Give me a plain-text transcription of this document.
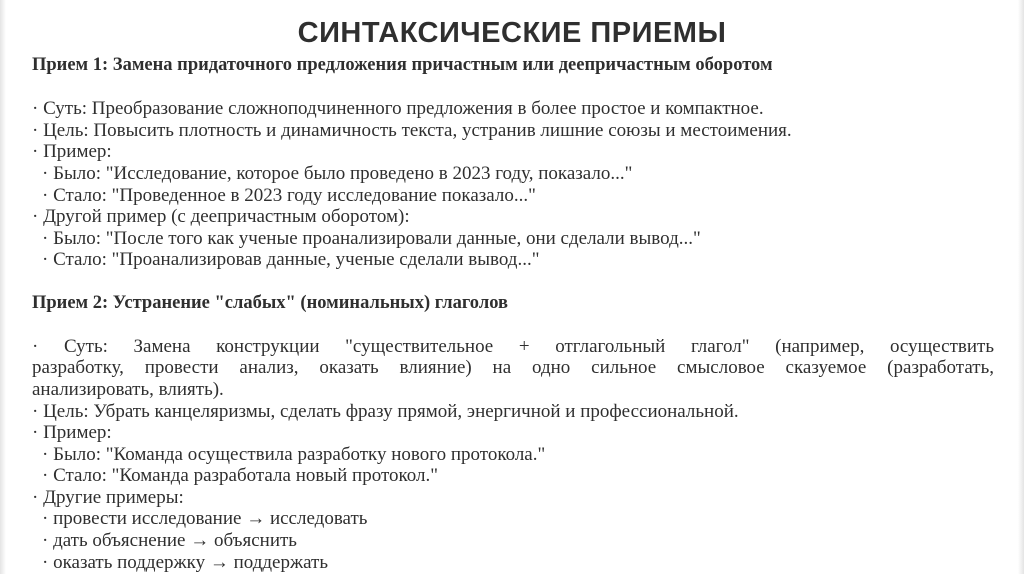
СИНТАКСИЧЕСКИЕ ПРИЕМЫ
Прием 1: Замена придаточного предложения причастным или деепричастным оборотом
· Суть: Преобразование сложноподчиненного предложения в более простое и компактное.
· Цель: Повысить плотность и динамичность текста, устранив лишние союзы и местоимения.
· Пример:
· Было: "Исследование, которое было проведено в 2023 году, показало..."
· Стало: "Проведенное в 2023 году исследование показало..."
· Другой пример (с деепричастным оборотом):
· Было: "После того как ученые проанализировали данные, они сделали вывод..."
· Стало: "Проанализировав данные, ученые сделали вывод..."
Прием 2: Устранение "слабых" (номинальных) глаголов
· Суть: Замена конструкции "существительное + отглагольный глагол" (например, осуществить
разработку, провести анализ, оказать влияние) на одно сильное смысловое сказуемое (разработать,
анализировать, влиять).
· Цель: Убрать канцеляризмы, сделать фразу прямой, энергичной и профессиональной.
· Пример:
· Было: "Команда осуществила разработку нового протокола."
· Стало: "Команда разработала новый протокол."
· Другие примеры:
· провести исследование → исследовать
· дать объяснение → объяснить
· оказать поддержку → поддержать
